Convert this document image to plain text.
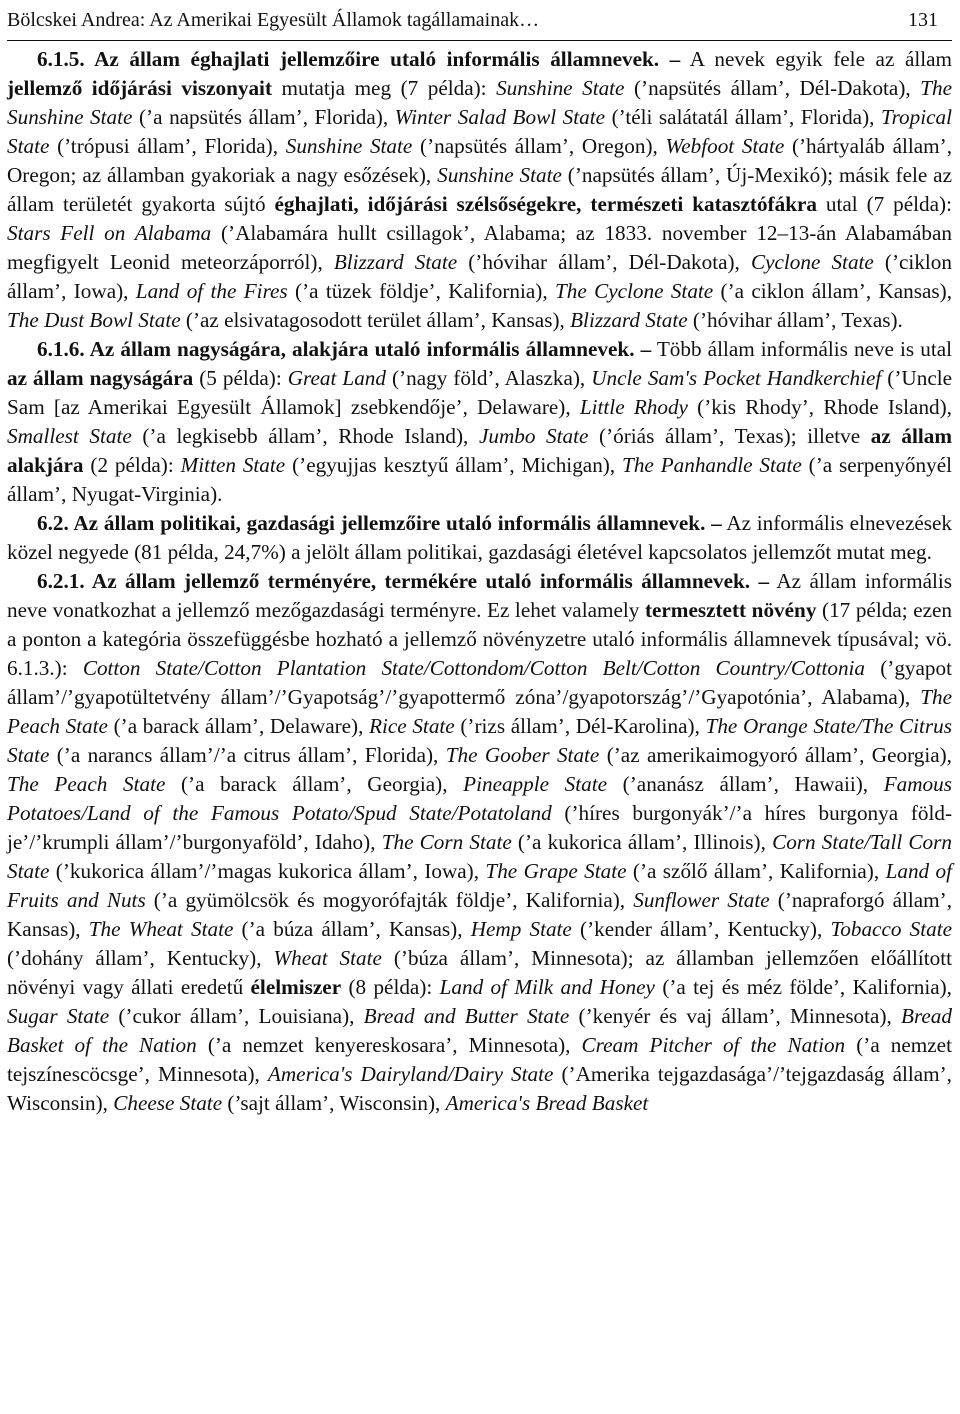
Bölcskei Andrea: Az Amerikai Egyesült Államok tagállamainak…	131

6.1.5. Az állam éghajlati jellemzőire utaló informális államnevek. – A nevek egyik fele az állam jellemző időjárási viszonyait mutatja meg (7 példa): Sunshine State (’napsütés állam’, Dél-Dakota), The Sunshine State (’a napsütés állam’, Florida), Winter Salad Bowl State (’téli salátatál állam’, Florida), Tropical State (’trópusi állam’, Florida), Sunshine State (’napsütés állam’, Oregon), Webfoot State (’hártyaláb állam’, Oregon; az államban gyakoriak a nagy esőzések), Sunshine State (’napsütés állam’, Új-Mexikó); másik fele az állam területét gyakorta sújtó éghajlati, időjárási szélsőségekre, természeti katasztófákra utal (7 példa): Stars Fell on Alabama (’Alabamára hullt csillagok’, Alabama; az 1833. november 12–13-án Alabamában megfigyelt Leonid meteorzáporról), Blizzard State (’hóvihar állam’, Dél-Dakota), Cyclone State (’ciklon állam’, Iowa), Land of the Fires (’a tüzek földje’, Kalifornia), The Cyclone State (’a ciklon állam’, Kansas), The Dust Bowl State (’az elsivatagosodott terület állam’, Kansas), Blizzard State (’hóvihar állam’, Texas).

6.1.6. Az állam nagyságára, alakjára utaló informális államnevek. – Több állam informális neve is utal az állam nagyságára (5 példa): Great Land (’nagy föld’, Alaszka), Uncle Sam's Pocket Handkerchief (’Uncle Sam [az Amerikai Egyesült Államok] zsebkendője’, Delaware), Little Rhody (’kis Rhody’, Rhode Island), Smallest State (’a legkisebb állam’, Rhode Island), Jumbo State (’óriás állam’, Texas); illetve az állam alakjára (2 példa): Mitten State (’egyujjas kesztyű állam’, Michigan), The Panhandle State (’a serpenyőnyél állam’, Nyugat-Virginia).

6.2. Az állam politikai, gazdasági jellemzőire utaló informális államnevek. – Az informális elnevezések közel negyede (81 példa, 24,7%) a jelölt állam politikai, gazdasági életével kapcsolatos jellemzőt mutat meg.

6.2.1. Az állam jellemző terményére, termékére utaló informális államnevek. – Az állam informális neve vonatkozhat a jellemző mezőgazdasági terményre. Ez lehet valamely termesztett növény (17 példa; ezen a ponton a kategória összefüggésbe hozható a jellemző növényzetre utaló informális államnevek típusával; vö. 6.1.3.): Cotton State/Cotton Plantation State/Cottondom/Cotton Belt/Cotton Country/Cottonia (’gyapot állam’/’gyapotültetvény állam’/’Gyapotság’/’gyapottermő zóna’/gyapotország’/’Gyapotónia’, Alabama), The Peach State (’a barack állam’, Delaware), Rice State (’rizs állam’, Dél-Karolina), The Orange State/The Citrus State (’a narancs állam’/’a citrus állam’, Florida), The Goober State (’az amerikaimogyoró állam’, Georgia), The Peach State (’a barack állam’, Georgia), Pineapple State (’ananász állam’, Hawaii), Famous Potatoes/Land of the Famous Potato/Spud State/Potatoland (’híres burgonyák’/’a híres burgonya földje’/’krumpli állam’/’burgonyaföld’, Idaho), The Corn State (’a kukorica állam’, Illinois), Corn State/Tall Corn State (’kukorica állam’/’magas kukorica állam’, Iowa), The Grape State (’a szőlő állam’, Kalifornia), Land of Fruits and Nuts (’a gyümölcsök és mogyorófajták földje’, Kalifornia), Sunflower State (’napraforgó állam’, Kansas), The Wheat State (’a búza állam’, Kansas), Hemp State (’kender állam’, Kentucky), Tobacco State (’dohány állam’, Kentucky), Wheat State (’búza állam’, Minnesota); az államban jellemzően előállított növényi vagy állati eredetű élelmiszer (8 példa): Land of Milk and Honey (’a tej és méz földe’, Kalifornia), Sugar State (’cukor állam’, Louisiana), Bread and Butter State (’kenyér és vaj állam’, Minnesota), Bread Basket of the Nation (’a nemzet kenyereskosara’, Minnesota), Cream Pitcher of the Nation (’a nemzet tejszínescöcsge’, Minnesota), America's Dairyland/Dairy State (’Amerika tejgazdasága’/’tejgazdaság állam’, Wisconsin), Cheese State (’sajt állam’, Wisconsin), America's Bread Basket
